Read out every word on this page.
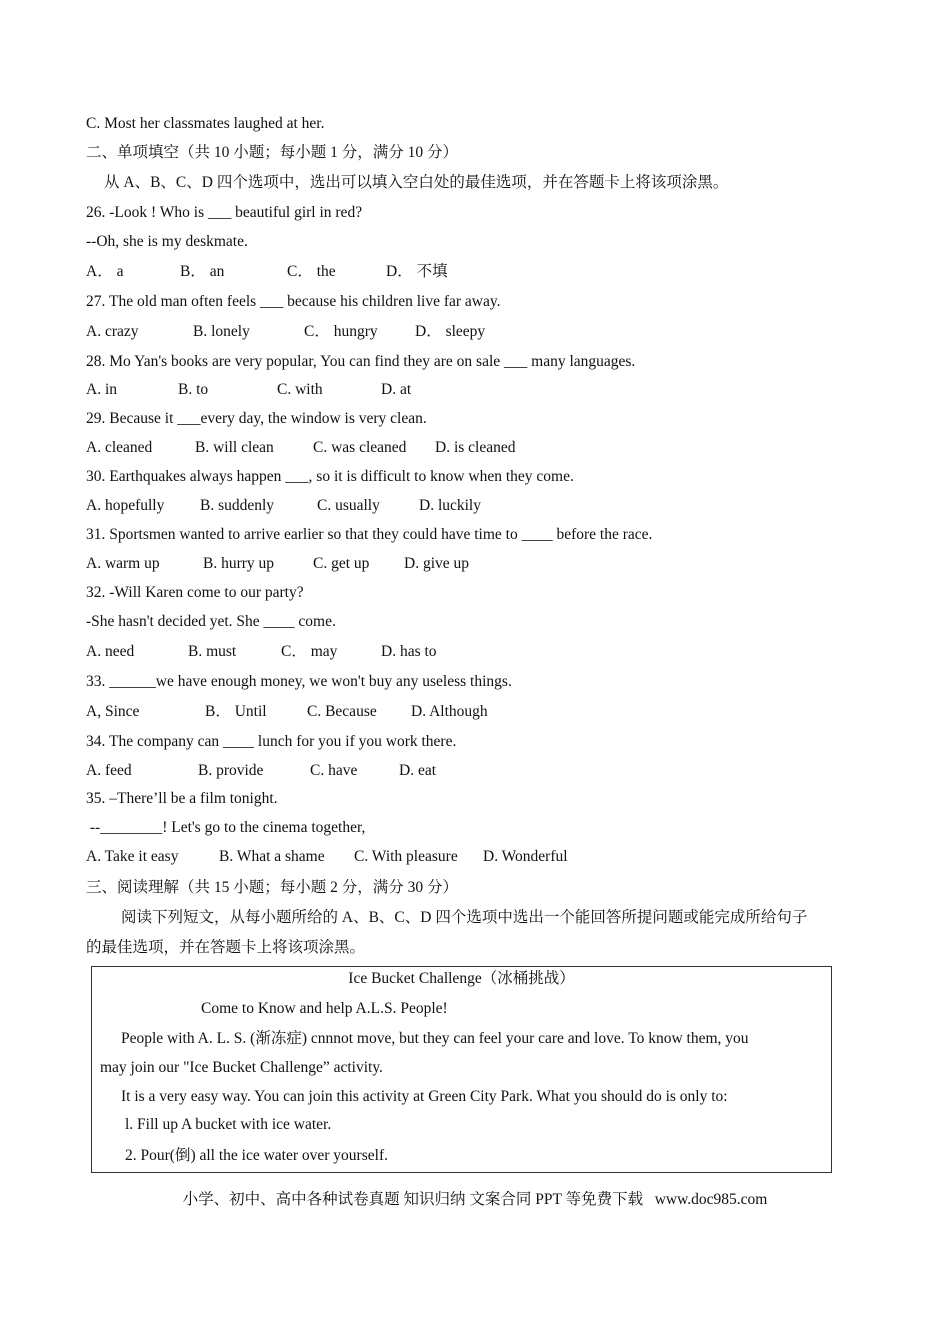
C. Most her classmates laughed at her.
二、单项填空（共 10 小题；每小题 1 分，满分 10 分）
从 A、B、C、D 四个选项中，选出可以填入空白处的最佳选项，并在答题卡上将该项涂黑。
26. -Look ! Who is ___ beautiful girl in red?
--Oh, she is my deskmate.

A． a

	B． an

	C． the

	D． 不填

27. The old man often feels ___ because his children live far away.

A. crazy

	B. lonely

	C． hungry

D． sleepy

28. Mo Yan's books are very popular, You can find they are on sale ___ many languages.

A. in

	B. to

	C. with

	D. at

29. Because it ___every day, the window is very clean.

A. cleaned

	B. will clean

	C. was cleaned

D. is cleaned

30. Earthquakes always happen ___, so it is difficult to know when they come.

A. hopefully

B. suddenly

	C. usually

	D. luckily

31. Sportsmen wanted to arrive earlier so that they could have time to ____ before the race.

A. warm up

	B. hurry up

	C. get up

D. give up

32. -Will Karen come to our party?
-She hasn't decided yet. She ____ come.

A. need

	B. must

	C． may

	D. has to

33. ______we have enough money, we won't buy any useless things.

A, Since

	B． Until

	C. Because

D. Although

34. The company can ____ lunch for you if you work there.

A. feed

	B. provide

	C. have

	D. eat

35. –There’ll be a film tonight.
--________! Let's go to the cinema together,

A. Take it easy

	B. What a shame

C. With pleasure

D. Wonderful

三、阅读理解（共 15 小题；每小题 2 分，满分 30 分）
阅读下列短文，从每小题所给的 A、B、C、D 四个选项中选出一个能回答所提问题或能完成所给句子
的最佳选项，并在答题卡上将该项涂黑。
Ice Bucket Challenge（冰桶挑战）
Come to Know and help A.L.S. People!
People with A. L. S. (渐冻症) cnnnot move, but they can feel your care and love. To know them, you
may join our "Ice Bucket Challenge” activity.
It is a very easy way. You can join this activity at Green City Park. What you should do is only to:
l. Fill up A bucket with ice water.
2. Pour(倒) all the ice water over yourself.
小学、初中、高中各种试卷真题 知识归纳 文案合同 PPT 等免费下载   www.doc985.com
